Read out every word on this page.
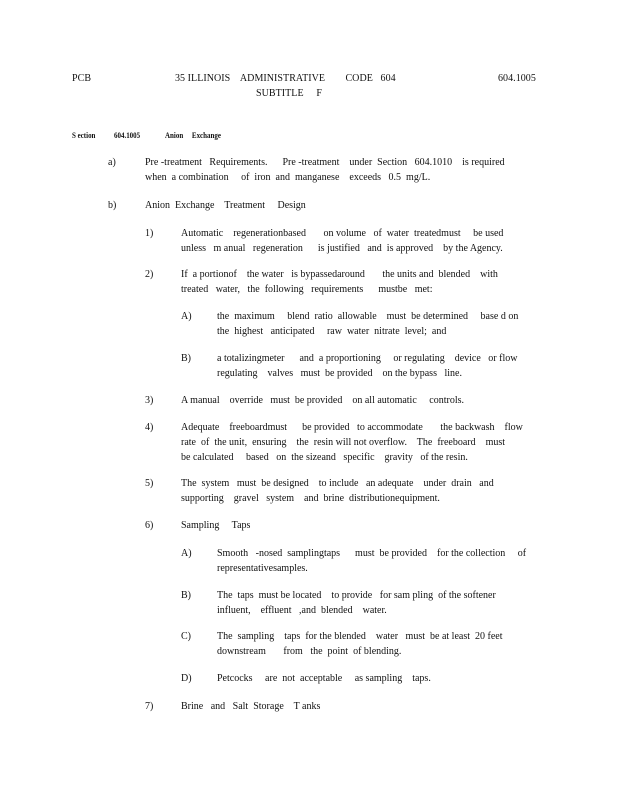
PCB	35 ILLINOIS    ADMINISTRATIVE        CODE   604
SUBTITLE     F
604.1005
S ection 604.1005	Anion     Exchange
a)	Pre -treatment   Requirements.      Pre -treatment    under  Section   604.1010    is required
when  a combination     of  iron  and  manganese    exceeds   0.5  mg/L.
b)	Anion  Exchange    Treatment     Design
1)	Automatic    regenerationbased       on volume   of  water  treatedmust     be used
unless   m anual   regeneration      is justified   and  is approved    by the Agency.
2)	If  a portionof    the water   is bypassedaround       the units and  blended    with
treated   water,   the  following   requirements      mustbe   met:
A)	the  maximum     blend  ratio  allowable    must  be determined     base d on
the  highest   anticipated     raw  water  nitrate  level;  and
B)	a totalizingmeter      and  a proportioning     or regulating    device   or flow
regulating    valves   must  be provided    on the bypass   line.
3)	A manual    override   must  be provided    on all automatic     controls.
4)	Adequate    freeboardmust      be provided   to accommodate       the backwash    flow
rate  of  the unit,  ensuring    the  resin will not overflow.    The  freeboard    must
be calculated     based   on  the sizeand   specific    gravity   of the resin.
5)	The  system   must  be designed    to include   an adequate    under  drain   and
supporting    gravel   system    and  brine  distributionequipment.
6)	Sampling     Taps
A)	Smooth   -nosed  samplingtaps      must  be provided    for the collection     of
representativesamples.
B)	The  taps  must be located    to provide   for sam pling  of the softener
influent,    effluent   ,and  blended    water.
C)	The  sampling    taps  for the blended    water   must  be at least  20 feet
downstream       from   the  point  of blending.
D)	Petcocks     are  not  acceptable     as sampling    taps.
7)	Brine   and   Salt  Storage    T anks
